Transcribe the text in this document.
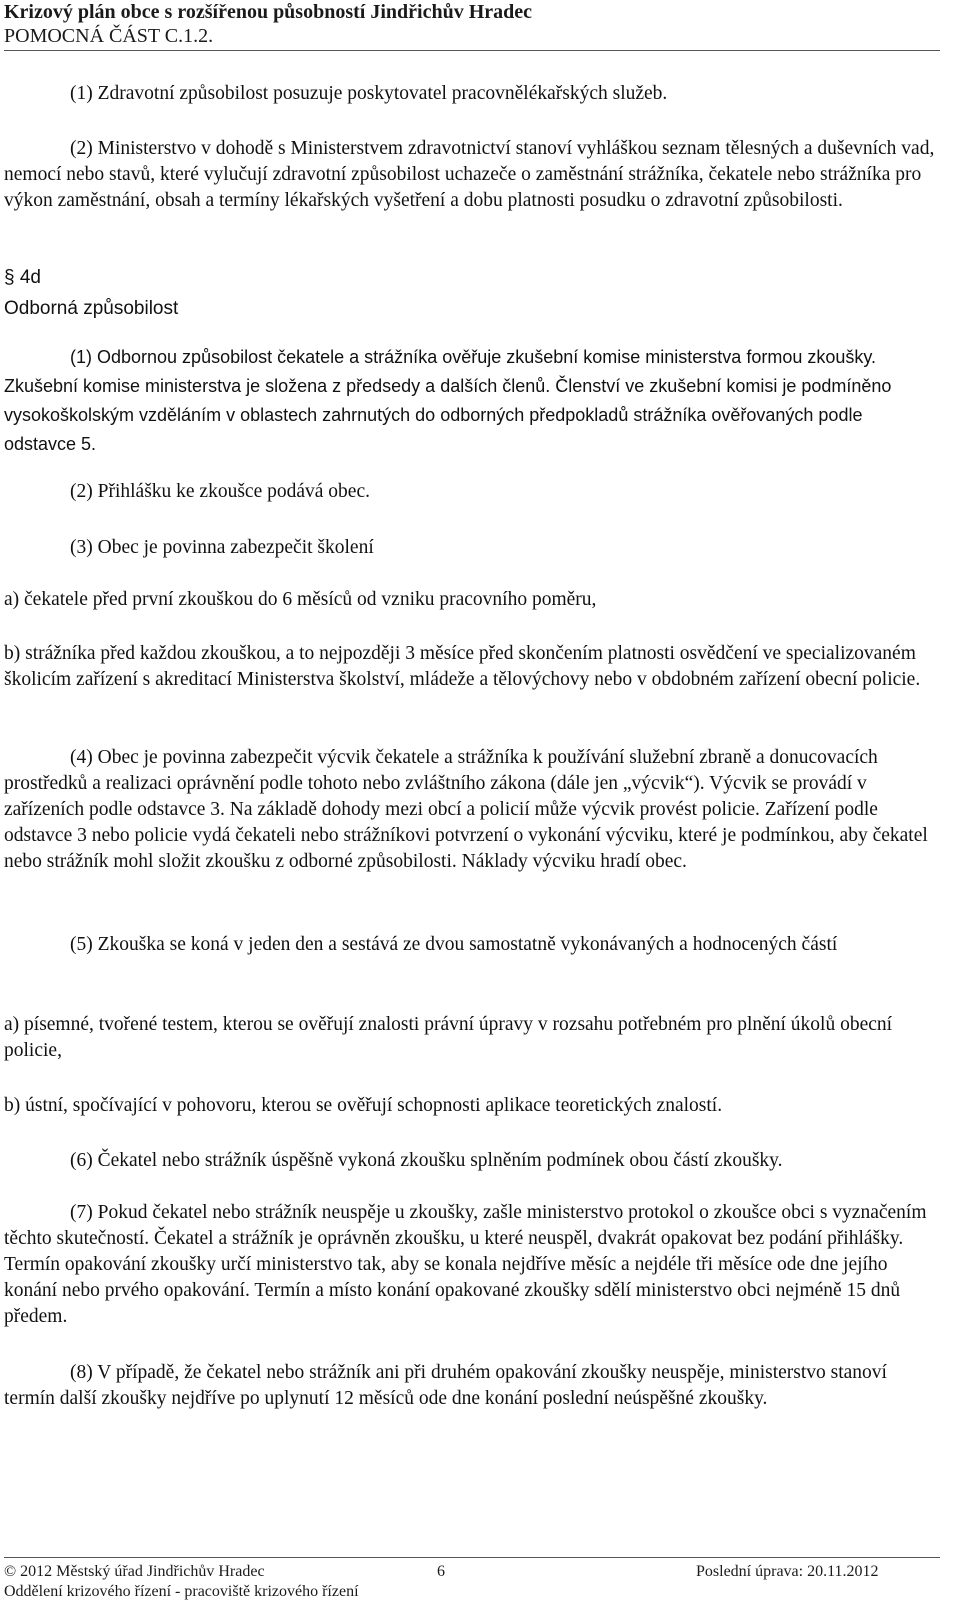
Krizový plán obce s rozšířenou působností Jindřichův Hradec
POMOCNÁ ČÁST C.1.2.

(1) Zdravotní způsobilost posuzuje poskytovatel pracovnělékařských služeb.

(2) Ministerstvo v dohodě s Ministerstvem zdravotnictví stanoví vyhláškou seznam tělesných a duševních vad, nemocí nebo stavů, které vylučují zdravotní způsobilost uchazeče o zaměstnání strážníka, čekatele nebo strážníka pro výkon zaměstnání, obsah a termíny lékařských vyšetření a dobu platnosti posudku o zdravotní způsobilosti.

§ 4d
Odborná způsobilost

(1) Odbornou způsobilost čekatele a strážníka ověřuje zkušební komise ministerstva formou zkoušky. Zkušební komise ministerstva je složena z předsedy a dalších členů. Členství ve zkušební komisi je podmíněno vysokoškolským vzděláním v oblastech zahrnutých do odborných předpokladů strážníka ověřovaných podle odstavce 5.

(2) Přihlášku ke zkoušce podává obec.

(3) Obec je povinna zabezpečit školení

a) čekatele před první zkouškou do 6 měsíců od vzniku pracovního poměru,

b) strážníka před každou zkouškou, a to nejpozději 3 měsíce před skončením platnosti osvědčení ve specializovaném školicím zařízení s akreditací Ministerstva školství, mládeže a tělovýchovy nebo v obdobném zařízení obecní policie.

(4) Obec je povinna zabezpečit výcvik čekatele a strážníka k používání služební zbraně a donucovacích prostředků a realizaci oprávnění podle tohoto nebo zvláštního zákona (dále jen „výcvik“). Výcvik se provádí v zařízeních podle odstavce 3. Na základě dohody mezi obcí a policií může výcvik provést policie. Zařízení podle odstavce 3 nebo policie vydá čekateli nebo strážníkovi potvrzení o vykonání výcviku, které je podmínkou, aby čekatel nebo strážník mohl složit zkoušku z odborné způsobilosti. Náklady výcviku hradí obec.

(5) Zkouška se koná v jeden den a sestává ze dvou samostatně vykonávaných a hodnocených částí

a) písemné, tvořené testem, kterou se ověřují znalosti právní úpravy v rozsahu potřebném pro plnění úkolů obecní policie,

b) ústní, spočívající v pohovoru, kterou se ověřují schopnosti aplikace teoretických znalostí.

(6) Čekatel nebo strážník úspěšně vykoná zkoušku splněním podmínek obou částí zkoušky.

(7) Pokud čekatel nebo strážník neuspěje u zkoušky, zašle ministerstvo protokol o zkoušce obci s vyznačením těchto skutečností. Čekatel a strážník je oprávněn zkoušku, u které neuspěl, dvakrát opakovat bez podání přihlášky. Termín opakování zkoušky určí ministerstvo tak, aby se konala nejdříve měsíc a nejdéle tři měsíce ode dne jejího konání nebo prvého opakování. Termín a místo konání opakované zkoušky sdělí ministerstvo obci nejméně 15 dnů předem.

(8) V případě, že čekatel nebo strážník ani při druhém opakování zkoušky neuspěje, ministerstvo stanoví termín další zkoušky nejdříve po uplynutí 12 měsíců ode dne konání poslední neúspěšné zkoušky.

© 2012 Městský úřad Jindřichův Hradec	6	Poslední úprava: 20.11.2012
Oddělení krizového řízení - pracoviště krizového řízení
